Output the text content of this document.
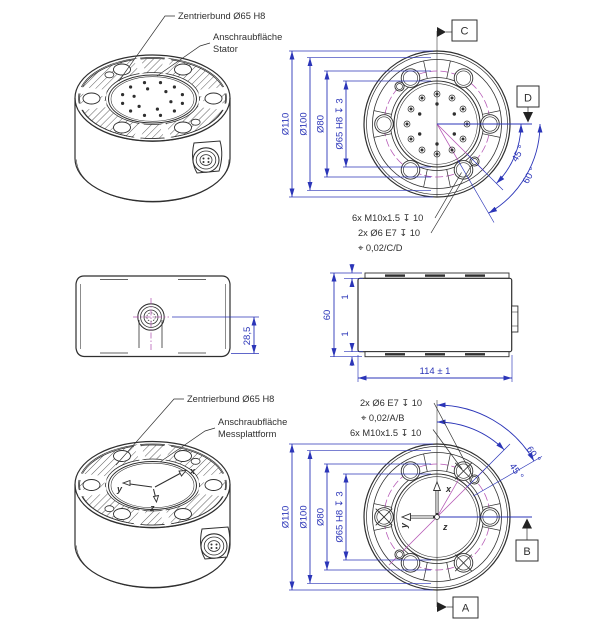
Zentrierbund Ø65 H8
Anschraubfläche
Stator
45 °
60 °
Ø110 Ø100 Ø80 Ø65 H8 ↧ 3
C
D
6x M10x1.5 ↧ 10
2x Ø6 E7 ↧ 10
⌖ 0,02/C/D
28,5
60
1
1
114 ± 1
x
y
z
Zentrierbund Ø65 H8
Anschraubfläche
Messplattform
60 °
45 °
Ø110 Ø100 Ø80 Ø65 H8 ↧ 3
x
y	z
A
B
2x Ø6 E7 ↧ 10
⌖ 0,02/A/B
6x M10x1.5 ↧ 10
